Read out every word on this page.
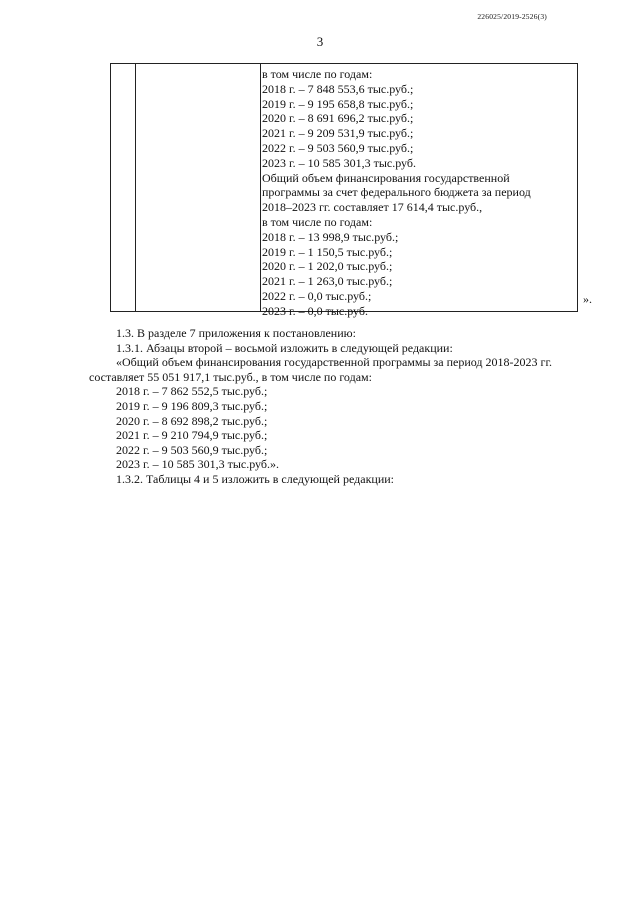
226025/2019-2526(3)
3
в том числе по годам:
2018 г. – 7 848 553,6 тыс.руб.;
2019 г. – 9 195 658,8 тыс.руб.;
2020 г. – 8 691 696,2 тыс.руб.;
2021 г. – 9 209 531,9 тыс.руб.;
2022 г. – 9 503 560,9 тыс.руб.;
2023 г. – 10 585 301,3 тыс.руб.
Общий объем финансирования государственной
программы за счет федерального бюджета за период
2018–2023 гг. составляет 17 614,4 тыс.руб.,
в том числе по годам:
2018 г. – 13 998,9 тыс.руб.;
2019 г. – 1 150,5 тыс.руб.;
2020 г. – 1 202,0 тыс.руб.;
2021 г. – 1 263,0 тыс.руб.;
2022 г. – 0,0 тыс.руб.;
2023 г. – 0,0 тыс.руб.
».
1.3. В разделе 7 приложения к постановлению:
1.3.1. Абзацы второй – восьмой изложить в следующей редакции:
«Общий объем финансирования государственной программы за период 2018-2023 гг.
составляет 55 051 917,1 тыс.руб., в том числе по годам:
2018 г. – 7 862 552,5 тыс.руб.;
2019 г. – 9 196 809,3 тыс.руб.;
2020 г. – 8 692 898,2 тыс.руб.;
2021 г. – 9 210 794,9 тыс.руб.;
2022 г. – 9 503 560,9 тыс.руб.;
2023 г. – 10 585 301,3 тыс.руб.».
1.3.2. Таблицы 4 и 5 изложить в следующей редакции:
